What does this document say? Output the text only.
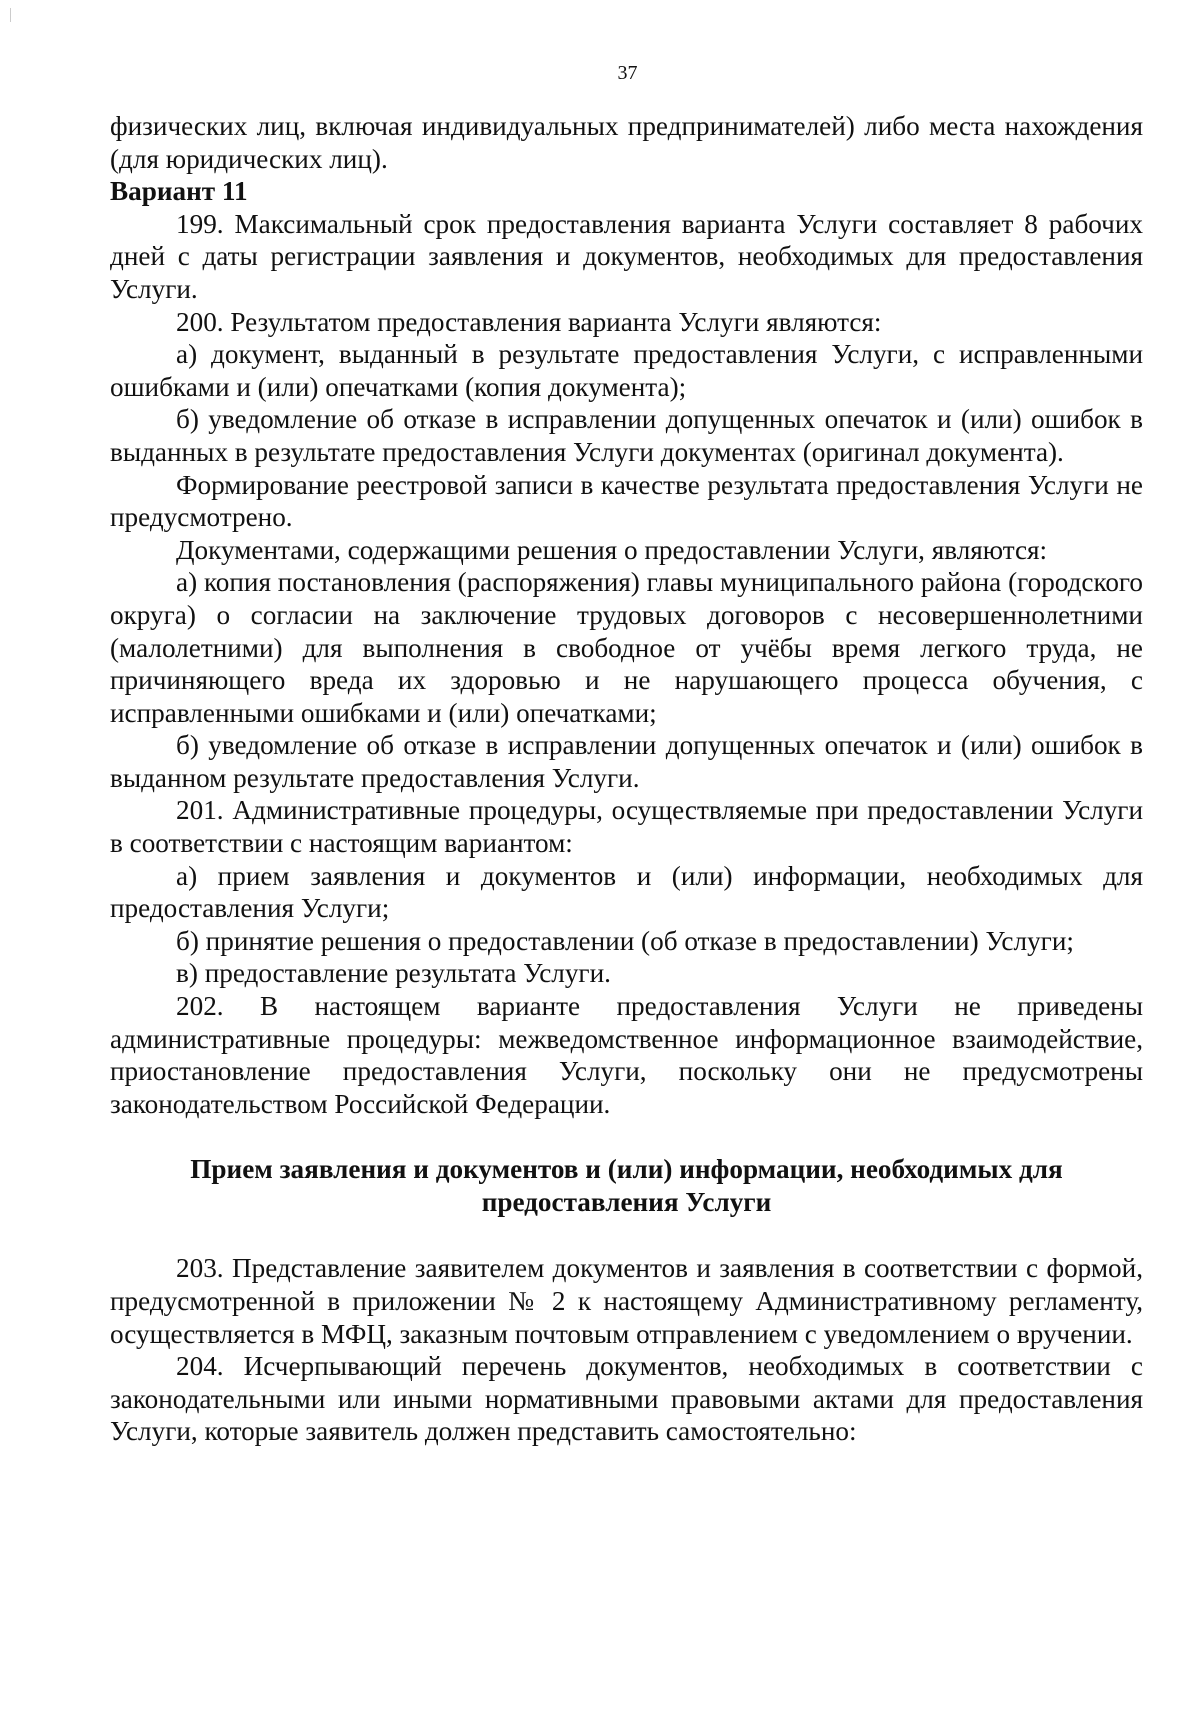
37

физических лиц, включая индивидуальных предпринимателей) либо места нахождения (для юридических лиц).

Вариант 11

199. Максимальный срок предоставления варианта Услуги составляет 8 рабочих дней с даты регистрации заявления и документов, необходимых для предоставления Услуги.

200. Результатом предоставления варианта Услуги являются:

а) документ, выданный в результате предоставления Услуги, с исправленными ошибками и (или) опечатками (копия документа);

б) уведомление об отказе в исправлении допущенных опечаток и (или) ошибок в выданных в результате предоставления Услуги документах (оригинал документа).

Формирование реестровой записи в качестве результата предоставления Услуги не предусмотрено.

Документами, содержащими решения о предоставлении Услуги, являются:

а) копия постановления (распоряжения) главы муниципального района (городского округа) о согласии на заключение трудовых договоров с несовершеннолетними (малолетними) для выполнения в свободное от учёбы время легкого труда, не причиняющего вреда их здоровью и не нарушающего процесса обучения, с исправленными ошибками и (или) опечатками;

б) уведомление об отказе в исправлении допущенных опечаток и (или) ошибок в выданном результате предоставления Услуги.

201. Административные процедуры, осуществляемые при предоставлении Услуги в соответствии с настоящим вариантом:

а) прием заявления и документов и (или) информации, необходимых для предоставления Услуги;

б) принятие решения о предоставлении (об отказе в предоставлении) Услуги;

в) предоставление результата Услуги.

202. В настоящем варианте предоставления Услуги не приведены административные процедуры: межведомственное информационное взаимодействие, приостановление предоставления Услуги, поскольку они не предусмотрены законодательством Российской Федерации.

Прием заявления и документов и (или) информации, необходимых для
предоставления Услуги

203. Представление заявителем документов и заявления в соответствии с формой, предусмотренной в приложении № 2 к настоящему Административному регламенту, осуществляется в МФЦ, заказным почтовым отправлением с уведомлением о вручении.

204. Исчерпывающий перечень документов, необходимых в соответствии с законодательными или иными нормативными правовыми актами для предоставления Услуги, которые заявитель должен представить самостоятельно:
